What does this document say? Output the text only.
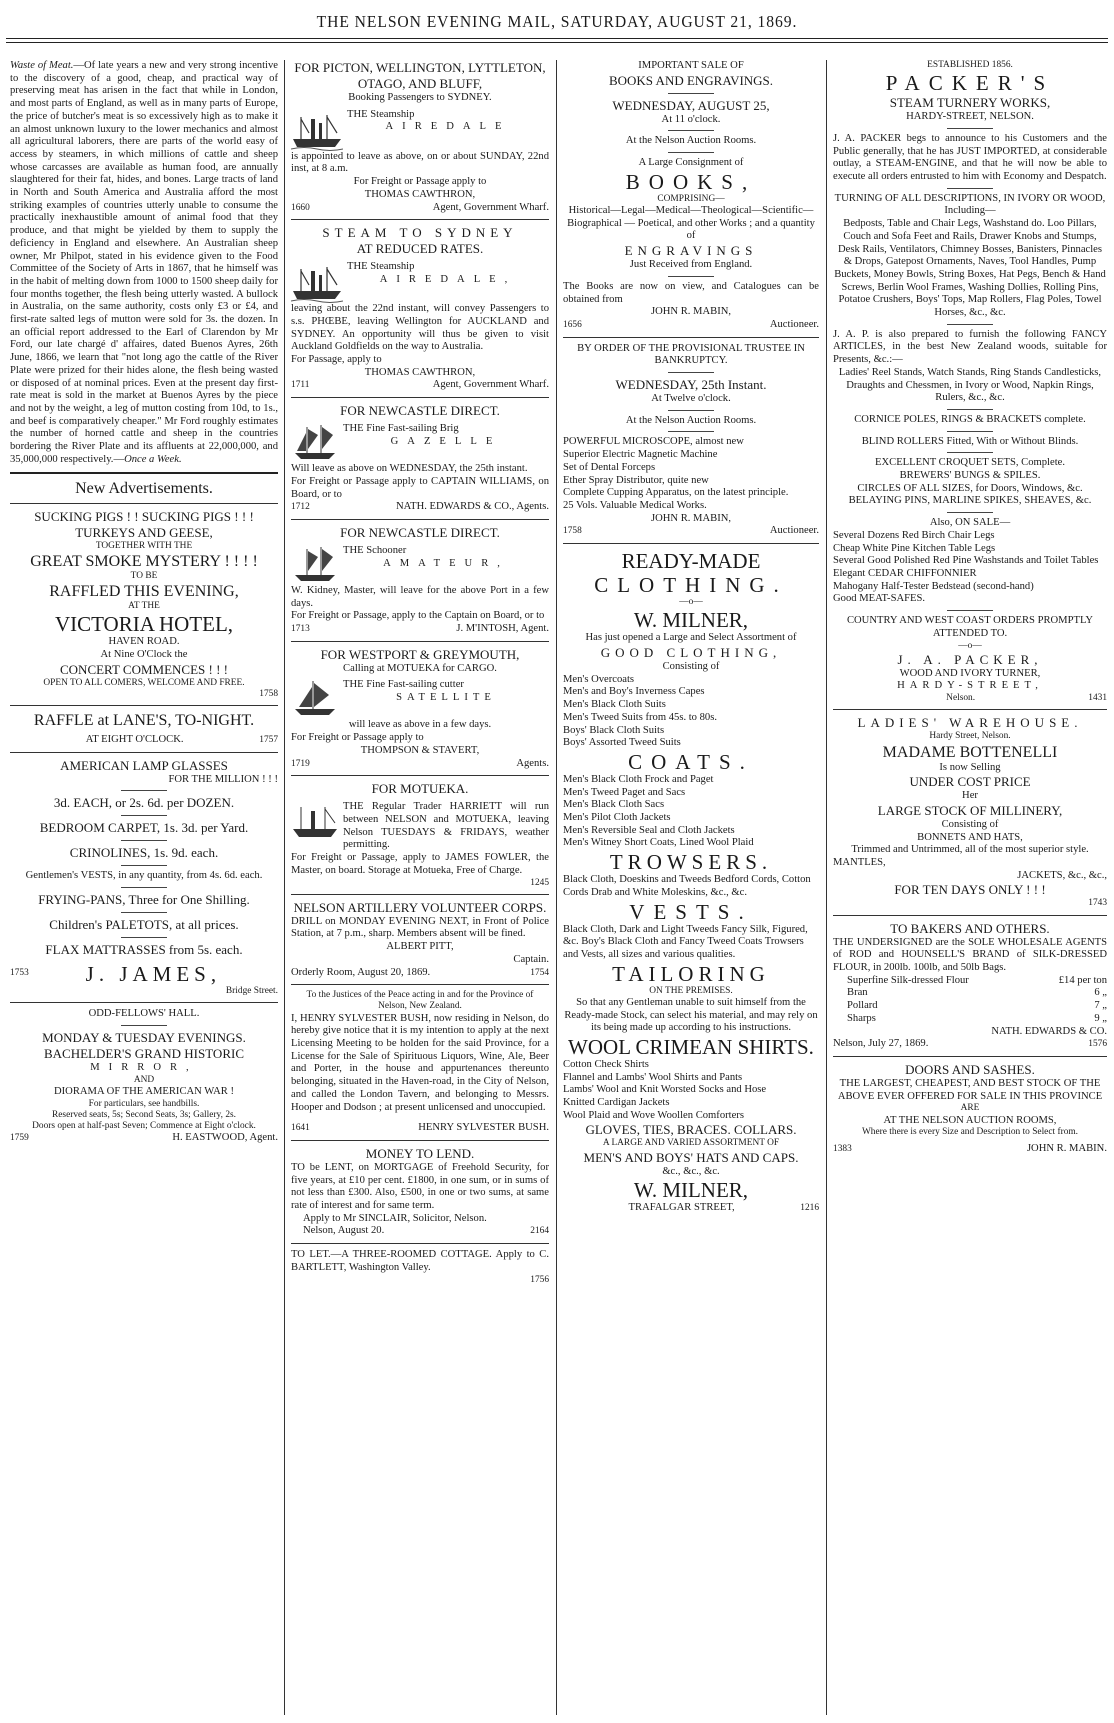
THE NELSON EVENING MAIL, SATURDAY, AUGUST 21, 1869.

Waste of Meat.—Of late years a new and very strong incentive to the discovery of a good, cheap, and practical way of preserving meat has arisen in the fact that while in London, and most parts of England, as well as in many parts of Europe, the price of butcher's meat is so excessively high as to make it an almost unknown luxury to the lower mechanics and almost all agricultural laborers, there are parts of the world easy of access by steamers, in which millions of cattle and sheep whose carcasses are available as human food, are annually slaughtered for their fat, hides, and bones. Large tracts of land in North and South America and Australia afford the most striking examples of countries utterly unable to consume the practically inexhaustible amount of animal food that they produce, and that might be yielded by them to supply the deficiency in England and elsewhere. An Australian sheep owner, Mr Philpot, stated in his evidence given to the Food Committee of the Society of Arts in 1867, that he himself was in the habit of melting down from 1000 to 1500 sheep daily for four months together, the flesh being utterly wasted. A bullock in Australia, on the same authority, costs only £3 or £4, and first-rate salted legs of mutton were sold for 3s. the dozen. In an official report addressed to the Earl of Clarendon by Mr Ford, our late chargé d' affaires, dated Buenos Ayres, 26th June, 1866, we learn that "not long ago the cattle of the River Plate were prized for their hides alone, the flesh being wasted or disposed of at nominal prices. Even at the present day first-rate meat is sold in the market at Buenos Ayres by the piece and not by the weight, a leg of mutton costing from 10d, to 1s., and beef is comparatively cheaper." Mr Ford roughly estimates the number of horned cattle and sheep in the countries bordering the River Plate and its affluents at 22,000,000, and 35,000,000 respectively.—Once a Week.

New Advertisements.

SUCKING PIGS ! ! SUCKING PIGS ! ! !

TURKEYS AND GEESE,

TOGETHER WITH THE

GREAT SMOKE MYSTERY ! ! ! !

TO BE

RAFFLED THIS EVENING,

AT THE

VICTORIA HOTEL,

HAVEN ROAD.

At Nine O'Clock the

CONCERT COMMENCES ! ! !

OPEN TO ALL COMERS, WELCOME AND FREE.

1758

RAFFLE at LANE'S, TO-NIGHT.

AT EIGHT O'CLOCK.	1757

AMERICAN LAMP GLASSES

FOR THE MILLION ! ! !

3d. EACH, or 2s. 6d. per DOZEN.

BEDROOM CARPET, 1s. 3d. per Yard.

CRINOLINES, 1s. 9d. each.

Gentlemen's VESTS, in any quantity, from 4s. 6d. each.

FRYING-PANS, Three for One Shilling.

Children's PALETOTS, at all prices.

FLAX MATTRASSES from 5s. each.

1753	J. JAMES,

Bridge Street.

ODD-FELLOWS' HALL.

MONDAY & TUESDAY EVENINGS.

BACHELDER'S GRAND HISTORIC

MIRROR,

AND

DIORAMA OF THE AMERICAN WAR !

For particulars, see handbills.

Reserved seats, 5s; Second Seats, 3s; Gallery, 2s.

Doors open at half-past Seven; Commence at Eight o'clock.

1759	H. EASTWOOD, Agent.

FOR PICTON, WELLINGTON, LYTTLETON, OTAGO, AND BLUFF,

Booking Passengers to SYDNEY.

THE Steamship

AIREDALE

is appointed to leave as above, on or about SUNDAY, 22nd inst, at 8 a.m.

For Freight or Passage apply to

THOMAS CAWTHRON,

1660	Agent, Government Wharf.

STEAM TO SYDNEY

AT REDUCED RATES.

THE Steamship

AIREDALE,

leaving about the 22nd instant, will convey Passengers to s.s. PHŒBE, leaving Wellington for AUCKLAND and SYDNEY. An opportunity will thus be given to visit Auckland Goldfields on the way to Australia.

For Passage, apply to

THOMAS CAWTHRON,

1711	Agent, Government Wharf.

FOR NEWCASTLE DIRECT.

THE Fine Fast-sailing Brig

GAZELLE

Will leave as above on WEDNESDAY, the 25th instant.

For Freight or Passage apply to CAPTAIN WILLIAMS, on Board, or to

1712	NATH. EDWARDS & CO., Agents.

FOR NEWCASTLE DIRECT.

THE Schooner

AMATEUR,

W. Kidney, Master, will leave for the above Port in a few days.

For Freight or Passage, apply to the Captain on Board, or to

1713	J. M'INTOSH, Agent.

FOR WESTPORT & GREYMOUTH,

Calling at MOTUEKA for CARGO.

THE Fine Fast-sailing cutter

SATELLITE

will leave as above in a few days.

For Freight or Passage apply to

THOMPSON & STAVERT,

1719	Agents.

FOR MOTUEKA.

THE Regular Trader HARRIETT will run between NELSON and MOTUEKA, leaving Nelson TUESDAYS & FRIDAYS, weather permitting.

For Freight or Passage, apply to JAMES FOWLER, the Master, on board. Storage at Motueka, Free of Charge.

1245

NELSON ARTILLERY VOLUNTEER CORPS.

DRILL on MONDAY EVENING NEXT, in Front of Police Station, at 7 p.m., sharp. Members absent will be fined.

ALBERT PITT,

Captain.

Orderly Room, August 20, 1869.	1754

To the Justices of the Peace acting in and for the Province of Nelson, New Zealand.

I, HENRY SYLVESTER BUSH, now residing in Nelson, do hereby give notice that it is my intention to apply at the next Licensing Meeting to be holden for the said Province, for a License for the Sale of Spirituous Liquors, Wine, Ale, Beer and Porter, in the house and appurtenances thereunto belonging, situated in the Haven-road, in the City of Nelson, and called the London Tavern, and belonging to Messrs. Hooper and Dodson ; at present unlicensed and unoccupied.

1641	HENRY SYLVESTER BUSH.

MONEY TO LEND.

TO be LENT, on MORTGAGE of Freehold Security, for five years, at £10 per cent. £1800, in one sum, or in sums of not less than £300. Also, £500, in one or two sums, at same rate of interest and for same term.

Apply to Mr SINCLAIR, Solicitor, Nelson.

Nelson, August 20.	2164

TO LET.—A THREE-ROOMED COTTAGE. Apply to C. BARTLETT, Washington Valley.

1756

IMPORTANT SALE OF

BOOKS AND ENGRAVINGS.

WEDNESDAY, AUGUST 25,

At 11 o'clock.

At the Nelson Auction Rooms.

A Large Consignment of

BOOKS,

COMPRISING—

Historical—Legal—Medical—Theological—Scientific—Biographical — Poetical, and other Works ; and a quantity of

ENGRAVINGS

Just Received from England.

The Books are now on view, and Catalogues can be obtained from

JOHN R. MABIN,

1656	Auctioneer.

BY ORDER OF THE PROVISIONAL TRUSTEE IN BANKRUPTCY.

WEDNESDAY, 25th Instant.

At Twelve o'clock.

At the Nelson Auction Rooms.

POWERFUL MICROSCOPE, almost new

Superior Electric Magnetic Machine

Set of Dental Forceps

Ether Spray Distributor, quite new

Complete Cupping Apparatus, on the latest principle.

25 Vols. Valuable Medical Works.

JOHN R. MABIN,

1758	Auctioneer.

READY-MADE

CLOTHING.

—o—

W. MILNER,

Has just opened a Large and Select Assortment of

GOOD CLOTHING,

Consisting of

Men's Overcoats

Men's and Boy's Inverness Capes

Men's Black Cloth Suits

Men's Tweed Suits from 45s. to 80s.

Boys' Black Cloth Suits

Boys' Assorted Tweed Suits

COATS.

Men's Black Cloth Frock and Paget

Men's Tweed Paget and Sacs

Men's Black Cloth Sacs

Men's Pilot Cloth Jackets

Men's Reversible Seal and Cloth Jackets

Men's Witney Short Coats, Lined Wool Plaid

TROWSERS.

Black Cloth, Doeskins and Tweeds Bedford Cords, Cotton Cords Drab and White Moleskins, &c., &c.

VESTS.

Black Cloth, Dark and Light Tweeds Fancy Silk, Figured, &c. Boy's Black Cloth and Fancy Tweed Coats Trowsers and Vests, all sizes and various qualities.

TAILORING

ON THE PREMISES.

So that any Gentleman unable to suit himself from the Ready-made Stock, can select his material, and may rely on its being made up according to his instructions.

WOOL CRIMEAN SHIRTS.

Cotton Check Shirts

Flannel and Lambs' Wool Shirts and Pants

Lambs' Wool and Knit Worsted Socks and Hose

Knitted Cardigan Jackets

Wool Plaid and Wove Woollen Comforters

GLOVES, TIES, BRACES. COLLARS.

A LARGE AND VARIED ASSORTMENT OF

MEN'S AND BOYS' HATS AND CAPS.

&c., &c., &c.

W. MILNER,

TRAFALGAR STREET,	1216

ESTABLISHED 1856.

PACKER'S

STEAM TURNERY WORKS,

HARDY-STREET, NELSON.

J. A. PACKER begs to announce to his Customers and the Public generally, that he has JUST IMPORTED, at considerable outlay, a STEAM-ENGINE, and that he will now be able to execute all orders entrusted to him with Economy and Despatch.

TURNING OF ALL DESCRIPTIONS, IN IVORY OR WOOD,

Including—

Bedposts, Table and Chair Legs, Washstand do. Loo Pillars, Couch and Sofa Feet and Rails, Drawer Knobs and Stumps, Desk Rails, Ventilators, Chimney Bosses, Banisters, Pinnacles & Drops, Gatepost Ornaments, Naves, Tool Handles, Pump Buckets, Money Bowls, String Boxes, Hat Pegs, Bench & Hand Screws, Berlin Wool Frames, Washing Dollies, Rolling Pins, Potatoe Crushers, Boys' Tops, Map Rollers, Flag Poles, Towel Horses, &c., &c.

J. A. P. is also prepared to furnish the following FANCY ARTICLES, in the best New Zealand woods, suitable for Presents, &c.:—

Ladies' Reel Stands, Watch Stands, Ring Stands Candlesticks, Draughts and Chessmen, in Ivory or Wood, Napkin Rings, Rulers, &c., &c.

CORNICE POLES, RINGS & BRACKETS complete.

BLIND ROLLERS Fitted, With or Without Blinds.

EXCELLENT CROQUET SETS, Complete.

BREWERS' BUNGS & SPILES.

CIRCLES OF ALL SIZES, for Doors, Windows, &c.

BELAYING PINS, MARLINE SPIKES, SHEAVES, &c.

Also, ON SALE—

Several Dozens Red Birch Chair Legs

Cheap White Pine Kitchen Table Legs

Several Good Polished Red Pine Washstands and Toilet Tables

Elegant CEDAR CHIFFONNIER

Mahogany Half-Tester Bedstead (second-hand)

Good MEAT-SAFES.

COUNTRY AND WEST COAST ORDERS PROMPTLY ATTENDED TO.

—o—

J. A. PACKER,

WOOD AND IVORY TURNER,

HARDY-STREET,

Nelson.	1431

LADIES' WAREHOUSE.

Hardy Street, Nelson.

MADAME BOTTENELLI

Is now Selling

UNDER COST PRICE

Her

LARGE STOCK OF MILLINERY,

Consisting of

BONNETS AND HATS,

Trimmed and Untrimmed, all of the most superior style.

MANTLES,

JACKETS, &c., &c.,

FOR TEN DAYS ONLY ! ! !

1743

TO BAKERS AND OTHERS.

THE UNDERSIGNED are the SOLE WHOLESALE AGENTS of ROD and HOUNSELL'S BRAND of SILK-DRESSED FLOUR, in 200lb. 100lb, and 50lb Bags.

Superfine Silk-dressed Flour	£14 per ton
Bran	6 „
Pollard	7 „
Sharps	9 „

NATH. EDWARDS & CO.

Nelson, July 27, 1869.	1576

DOORS AND SASHES.

THE LARGEST, CHEAPEST, AND BEST STOCK OF THE ABOVE EVER OFFERED FOR SALE IN THIS PROVINCE

ARE

AT THE NELSON AUCTION ROOMS,

Where there is every Size and Description to Select from.

1383	JOHN R. MABIN.
